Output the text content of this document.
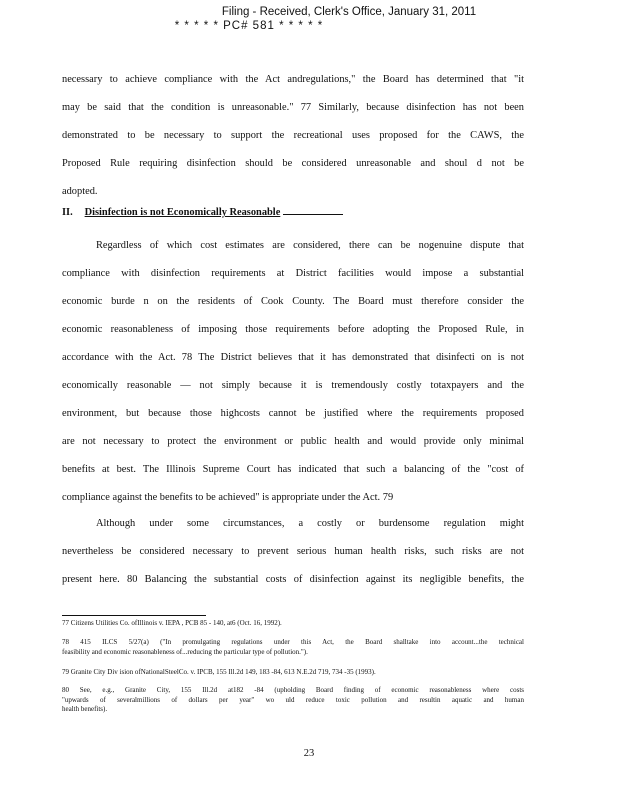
Filing - Received, Clerk's Office, January 31, 2011
* * * * * PC# 581 * * * * *
necessary to achieve compliance with the Act andregulations," the Board has determined that "it
may be said that the condition is unreasonable." 77 Similarly, because disinfection has not been
demonstrated to be necessary to support the recreational uses proposed for the CAWS, the
Proposed Rule requiring disinfection should be considered unreasonable and shoul d not be
adopted.
II. Disinfection is not Economically Reasonable
Regardless of which cost estimates are considered, there can be nogenuine dispute that
compliance with disinfection requirements at District facilities would impose a substantial
economic burde n on the residents of Cook County. The Board must therefore consider the
economic reasonableness of imposing those requirements before adopting the Proposed Rule, in
accordance with the Act. 78 The District believes that it has demonstrated that disinfecti on is not
economically reasonable — not simply because it is tremendously costly totaxpayers and the
environment, but because those highcosts cannot be justified where the requirements proposed
are not necessary to protect the environment or public health and would provide only minimal
benefits at best. The Illinois Supreme Court has indicated that such a balancing of the "cost of
compliance against the benefits to be achieved" is appropriate under the Act. 79
Although under some circumstances, a costly or burdensome regulation might
nevertheless be considered necessary to prevent serious human health risks, such risks are not
present here. 80 Balancing the substantial costs of disinfection against its negligible benefits, the
77 Citizens Utilities Co. ofIllinois v. IEPA , PCB 85 - 140, at6 (Oct. 16, 1992).
78 415 ILCS 5/27(a) ("In promulgating regulations under this Act, the Board shalltake into account...the technical
feasibility and economic reasonableness of...reducing the particular type of pollution.").
79 Granite City Div ision ofNationalSteelCo. v. IPCB, 155 Ill.2d 149, 183 -84, 613 N.E.2d 719, 734 -35 (1993).
80 See, e.g., Granite City, 155 Ill.2d at182 -84 (upholding Board finding of economic reasonableness where costs
"upwards of severalmillions of dollars per year" wo uld reduce toxic pollution and resultin aquatic and human
health benefits).
23
